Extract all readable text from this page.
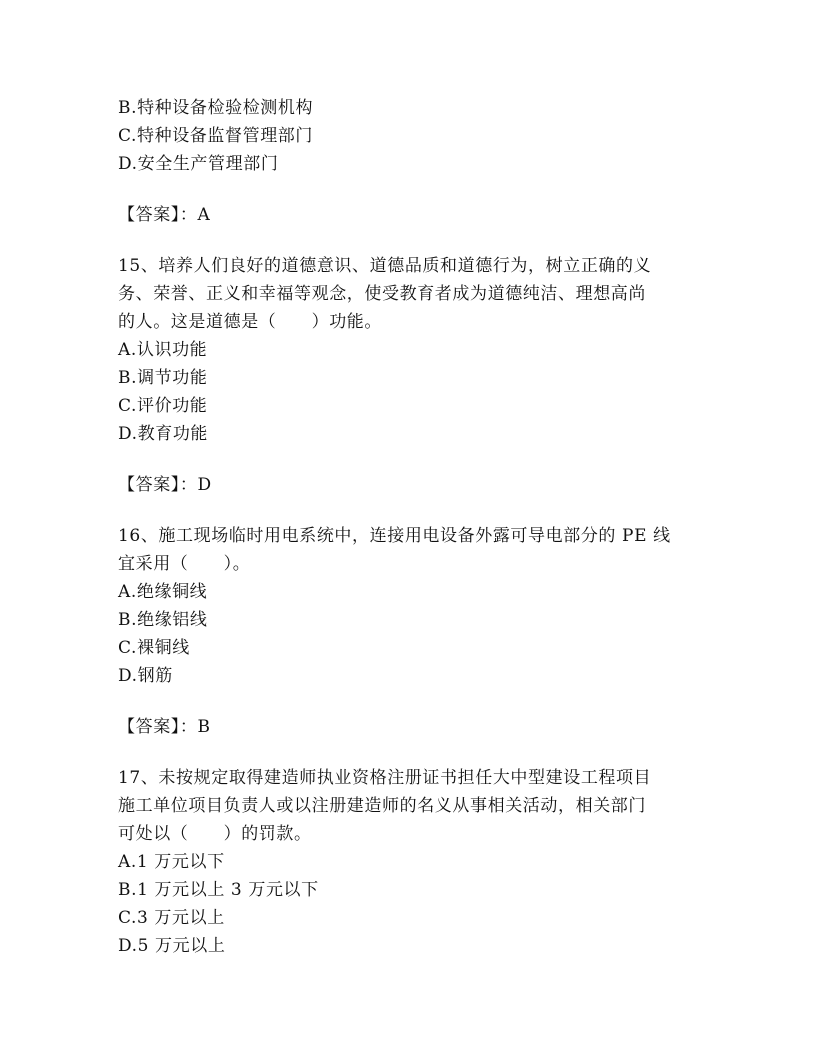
B.特种设备检验检测机构
C.特种设备监督管理部门
D.安全生产管理部门
【答案】：A
15、培养人们良好的道德意识、道德品质和道德行为，树立正确的义
务、荣誉、正义和幸福等观念，使受教育者成为道德纯洁、理想高尚
的人。这是道德是（　　）功能。
A.认识功能
B.调节功能
C.评价功能
D.教育功能
【答案】：D
16、施工现场临时用电系统中，连接用电设备外露可导电部分的 PE 线
宜采用（　　）。
A.绝缘铜线
B.绝缘铝线
C.裸铜线
D.钢筋
【答案】：B
17、未按规定取得建造师执业资格注册证书担任大中型建设工程项目
施工单位项目负责人或以注册建造师的名义从事相关活动，相关部门
可处以（　　）的罚款。
A.1 万元以下
B.1 万元以上 3 万元以下
C.3 万元以上
D.5 万元以上
